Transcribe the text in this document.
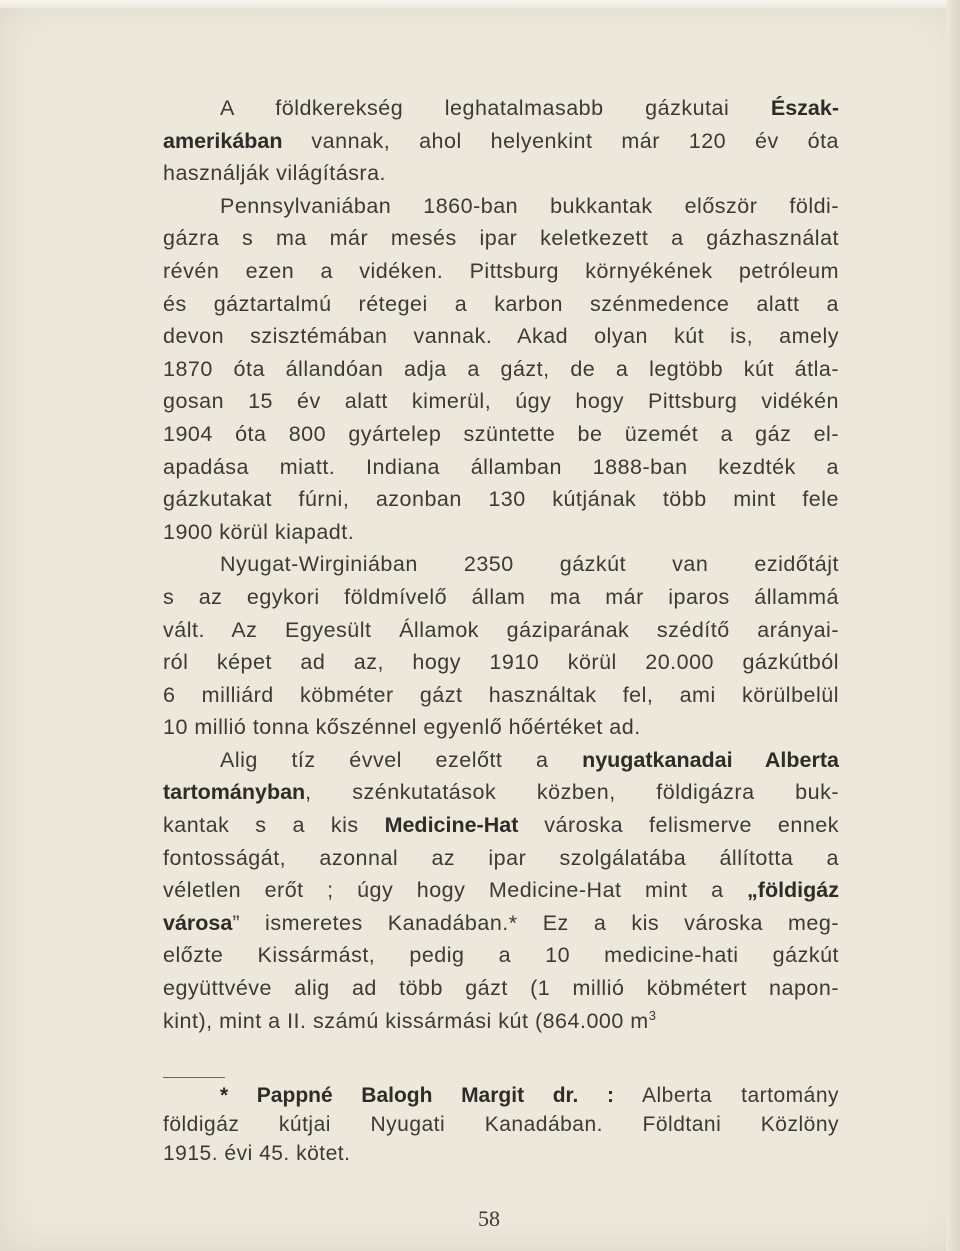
A földkerekség leghatalmasabb gázkutai Észak-
amerikában vannak, ahol helyenkint már 120 év óta
használják világításra.
Pennsylvaniában 1860-ban bukkantak először földi-
gázra s ma már mesés ipar keletkezett a gázhasználat
révén ezen a vidéken. Pittsburg környékének petróleum
és gáztartalmú rétegei a karbon szénmedence alatt a
devon szisztémában vannak. Akad olyan kút is, amely
1870 óta állandóan adja a gázt, de a legtöbb kút átla-
gosan 15 év alatt kimerül, úgy hogy Pittsburg vidékén
1904 óta 800 gyártelep szüntette be üzemét a gáz el-
apadása miatt. Indiana államban 1888-ban kezdték a
gázkutakat fúrni, azonban 130 kútjának több mint fele
1900 körül kiapadt.
Nyugat-Wirginiában 2350 gázkút van ezidőtájt
s az egykori földmívelő állam ma már iparos állammá
vált. Az Egyesült Államok gáziparának szédítő arányai-
ról képet ad az, hogy 1910 körül 20.000 gázkútból
6 milliárd köbméter gázt használtak fel, ami körülbelül
10 millió tonna kőszénnel egyenlő hőértéket ad.
Alig tíz évvel ezelőtt a nyugatkanadai Alberta
tartományban, szénkutatások közben, földigázra buk-
kantak s a kis Medicine-Hat városka felismerve ennek
fontosságát, azonnal az ipar szolgálatába állította a
véletlen erőt ; úgy hogy Medicine-Hat mint a „földigáz
városa” ismeretes Kanadában.* Ez a kis városka meg-
előzte Kissármást, pedig a 10 medicine-hati gázkút
együttvéve alig ad több gázt (1 millió köbmétert napon-
kint), mint a II. számú kissármási kút (864.000 $m^3$
* Pappné Balogh Margit dr. : Alberta tartomány
földigáz kútjai Nyugati Kanadában. Földtani Közlöny
1915. évi 45. kötet.
58
